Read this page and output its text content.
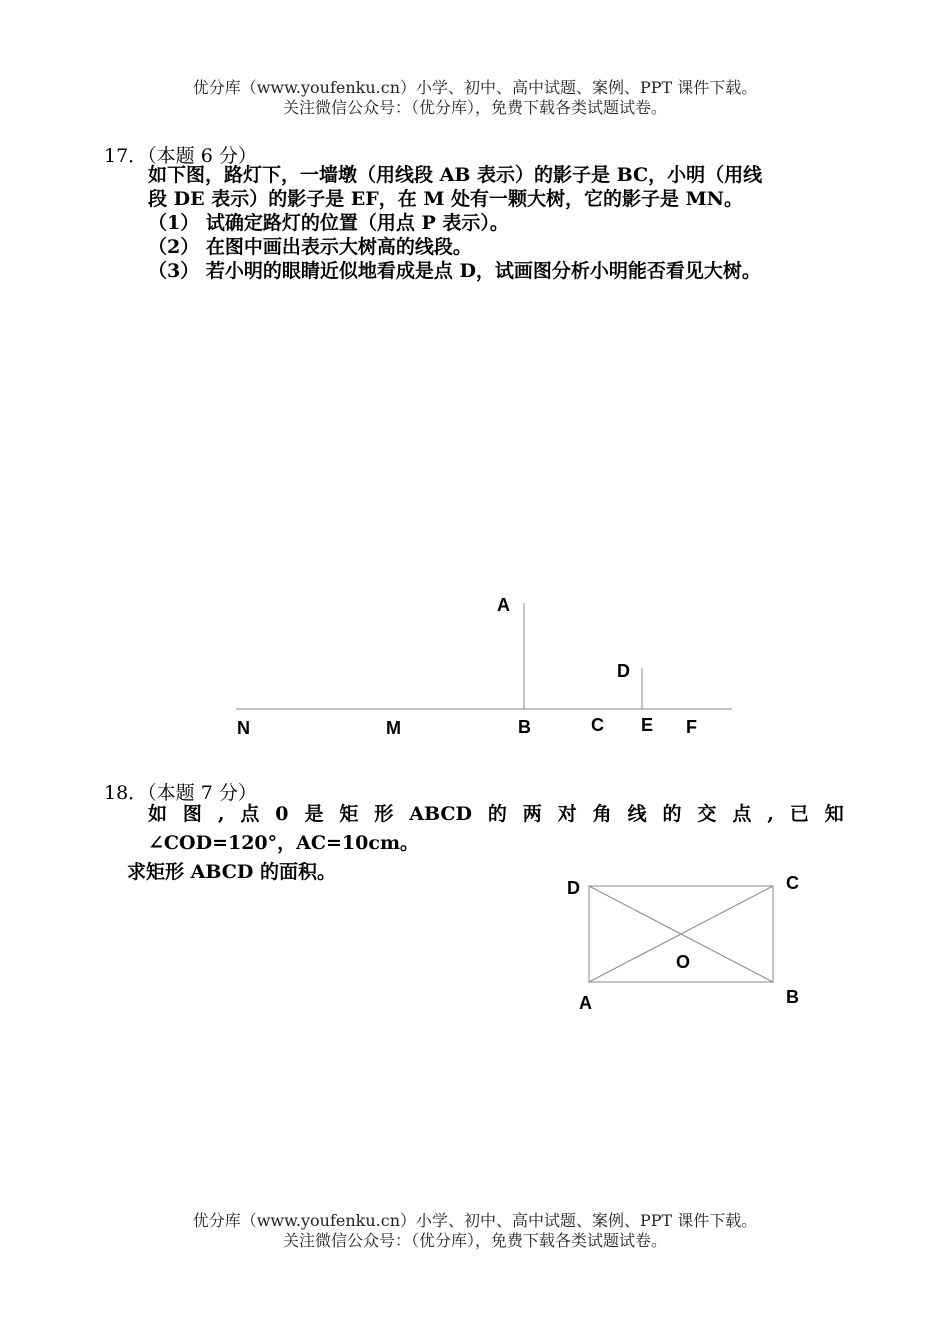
优分库（www.youfenku.cn）小学、初中、高中试题、案例、PPT 课件下载。
关注微信公众号：（优分库），免费下载各类试题试卷。
17．（本题 6 分）
如下图，路灯下，一墙墩（用线段 AB 表示）的影子是 BC，小明（用线
段 DE 表示）的影子是 EF，在 M 处有一颗大树，它的影子是 MN。
（1） 试确定路灯的位置（用点 P 表示）。
（2） 在图中画出表示大树高的线段。
（3） 若小明的眼睛近似地看成是点 D，试画图分析小明能否看见大树。
A
D
N	M	B	C E F
18．（本题 7 分）
如 图 , 点 0 是 矩 形 ABCD 的 两 对 角 线 的 交 点 , 已 知
∠COD=120°，AC=10cm。
求矩形 ABCD 的面积。
D	C
O
A	B
优分库（www.youfenku.cn）小学、初中、高中试题、案例、PPT 课件下载。
关注微信公众号：（优分库），免费下载各类试题试卷。
